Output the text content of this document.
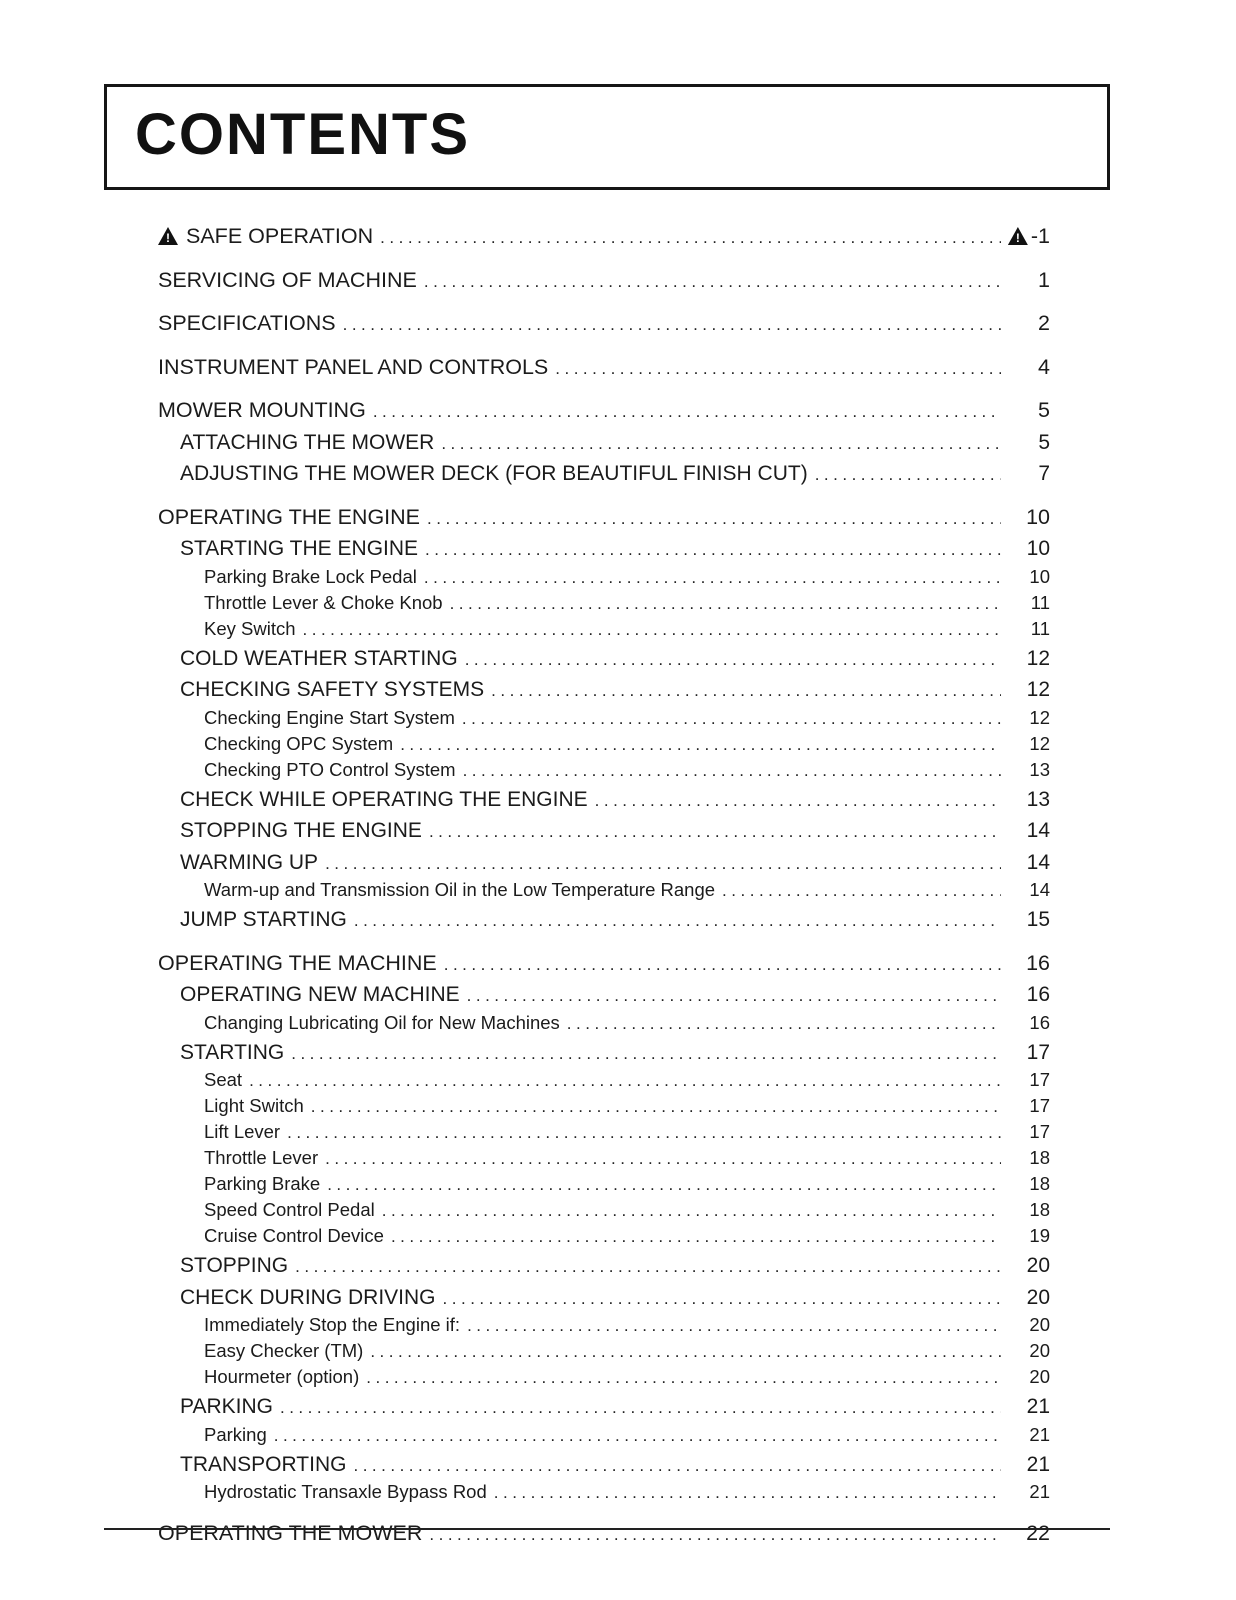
CONTENTS
!SAFE OPERATION ..... !	-1
SERVICING OF MACHINE .....	1
SPECIFICATIONS .....	2
INSTRUMENT PANEL AND CONTROLS .....	4
MOWER MOUNTING .....	5
ATTACHING THE MOWER .....	5
ADJUSTING THE MOWER DECK (FOR BEAUTIFUL FINISH CUT) .....	7
OPERATING THE ENGINE .....	10
STARTING THE ENGINE .....	10
Parking Brake Lock Pedal .....	10
Throttle Lever & Choke Knob .....	11
Key Switch .....	11
COLD WEATHER STARTING .....	12
CHECKING SAFETY SYSTEMS .....	12
Checking Engine Start System .....	12
Checking OPC System .....	12
Checking PTO Control System .....	13
CHECK WHILE OPERATING THE ENGINE .....	13
STOPPING THE ENGINE .....	14
WARMING UP .....	14
Warm-up and Transmission Oil in the Low Temperature Range .....	14
JUMP STARTING .....	15
OPERATING THE MACHINE .....	16
OPERATING NEW MACHINE .....	16
Changing Lubricating Oil for New Machines .....	16
STARTING .....	17
Seat .....	17
Light Switch .....	17
Lift Lever .....	17
Throttle Lever .....	18
Parking Brake .....	18
Speed Control Pedal .....	18
Cruise Control Device .....	19
STOPPING .....	20
CHECK DURING DRIVING .....	20
Immediately Stop the Engine if: .....	20
Easy Checker (TM) .....	20
Hourmeter (option) .....	20
PARKING .....	21
Parking .....	21
TRANSPORTING .....	21
Hydrostatic Transaxle Bypass Rod .....	21
OPERATING THE MOWER .....	22
